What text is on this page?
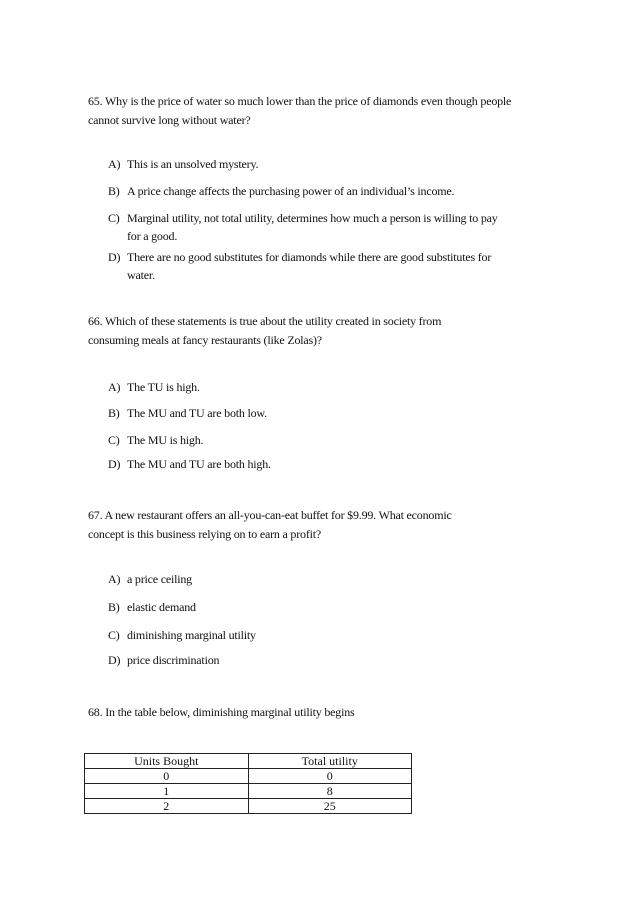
65. Why is the price of water so much lower than the price of diamonds even though people
cannot survive long without water?
A) This is an unsolved mystery.
B) A price change affects the purchasing power of an individual’s income.
C) Marginal utility, not total utility, determines how much a person is willing to pay
for a good.
D) There are no good substitutes for diamonds while there are good substitutes for
water.
66. Which of these statements is true about the utility created in society from
consuming meals at fancy restaurants (like Zolas)?
A) The TU is high.
B) The MU and TU are both low.
C) The MU is high.
D) The MU and TU are both high.
67. A new restaurant offers an all-you-can-eat buffet for $9.99. What economic
concept is this business relying on to earn a profit?
A) a price ceiling
B) elastic demand
C) diminishing marginal utility
D) price discrimination
68. In the table below, diminishing marginal utility begins
Units Bought	Total utility
0	0
1	8
2	25
